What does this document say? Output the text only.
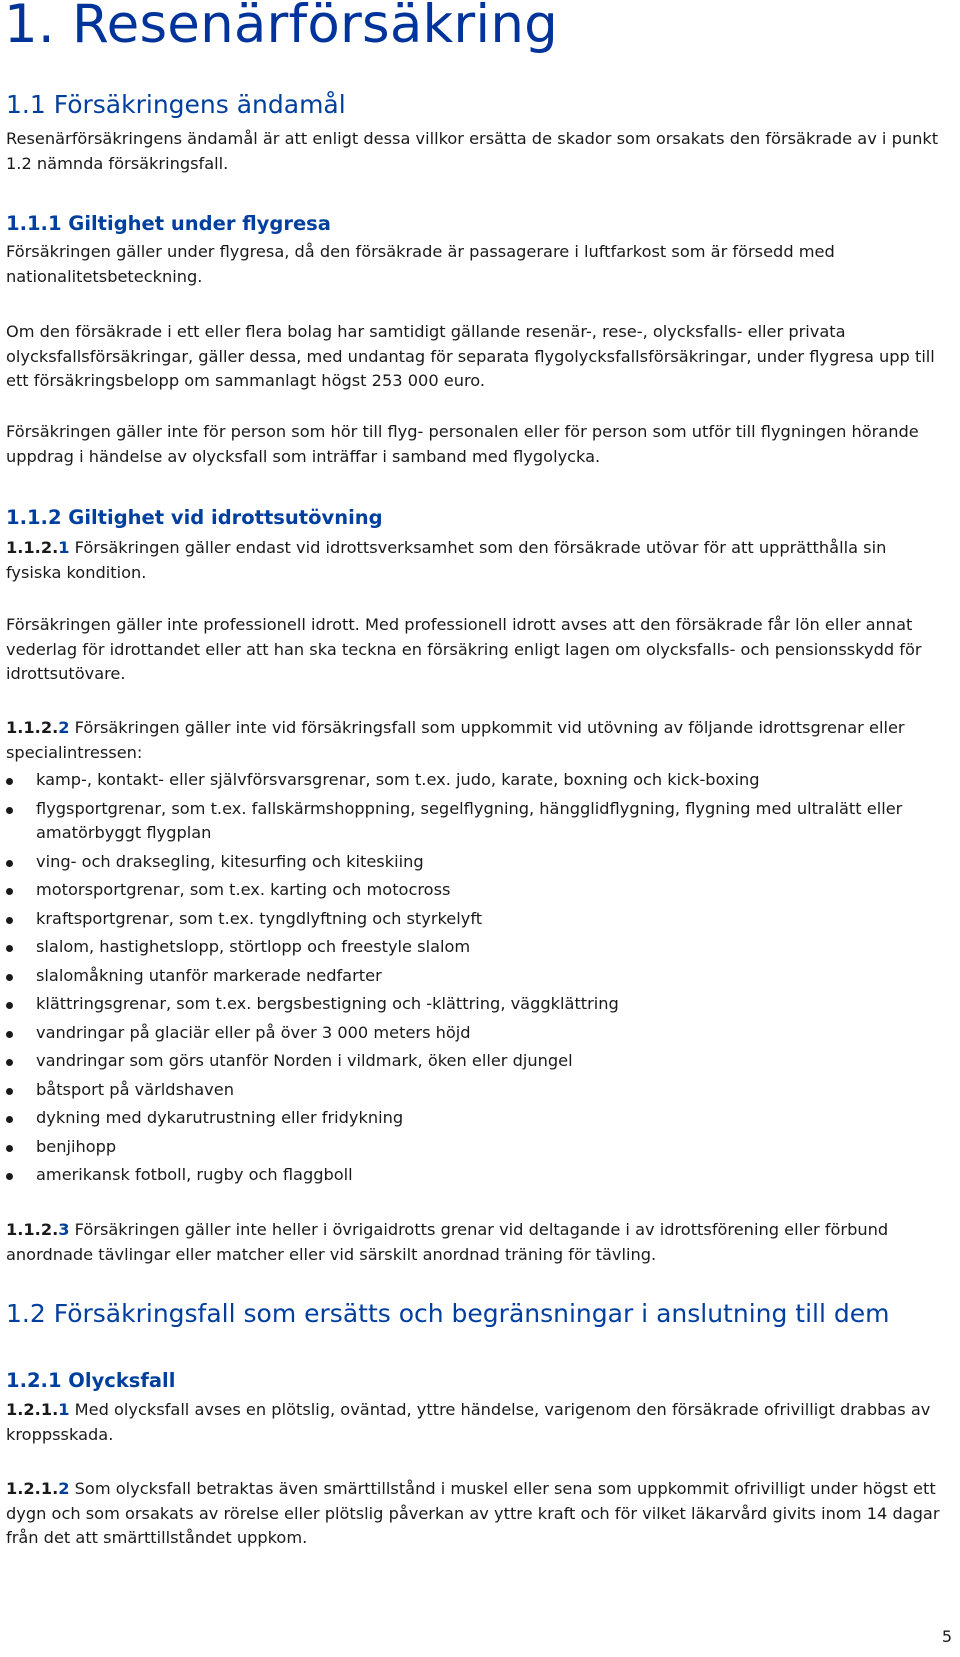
1. Resenärförsäkring
1.1 Försäkringens ändamål

Resenärförsäkringens ändamål är att enligt dessa villkor ersätta de skador som orsakats den försäkrade av i punkt 1.2 nämnda försäkringsfall.

1.1.1 Giltighet under flygresa

Försäkringen gäller under flygresa, då den försäkrade är passagerare i luftfarkost som är försedd med nationalitetsbeteckning.

Om den försäkrade i ett eller flera bolag har samtidigt gällande resenär-, rese-, olycksfalls- eller privata olycksfallsförsäkringar, gäller dessa, med undantag för separata flygolycksfallsförsäkringar, under flygresa upp till ett försäkringsbelopp om sammanlagt högst 253 000 euro.

Försäkringen gäller inte för person som hör till flyg- personalen eller för person som utför till flygningen hörande uppdrag i händelse av olycksfall som inträffar i samband med flygolycka.

1.1.2 Giltighet vid idrottsutövning

1.1.2.1 Försäkringen gäller endast vid idrottsverksamhet som den försäkrade utövar för att upprätthålla sin fysiska kondition.

Försäkringen gäller inte professionell idrott. Med professionell idrott avses att den försäkrade får lön eller annat vederlag för idrottandet eller att han ska teckna en försäkring enligt lagen om olycksfalls- och pensionsskydd för idrottsutövare.

1.1.2.2 Försäkringen gäller inte vid försäkringsfall som uppkommit vid utövning av följande idrottsgrenar eller specialintressen:

kamp-, kontakt- eller självförsvarsgrenar, som t.ex. judo, karate, boxning och kick-boxing
flygsportgrenar, som t.ex. fallskärmshoppning, segelflygning, hängglidflygning, flygning med ultralätt eller amatörbyggt flygplan
ving- och draksegling, kitesurfing och kiteskiing
motorsportgrenar, som t.ex. karting och motocross
kraftsportgrenar, som t.ex. tyngdlyftning och styrkelyft
slalom, hastighetslopp, störtlopp och freestyle slalom
slalomåkning utanför markerade nedfarter
klättringsgrenar, som t.ex. bergsbestigning och -klättring, väggklättring
vandringar på glaciär eller på över 3 000 meters höjd
vandringar som görs utanför Norden i vildmark, öken eller djungel
båtsport på världshaven
dykning med dykarutrustning eller fridykning
benjihopp
amerikansk fotboll, rugby och flaggboll

1.1.2.3 Försäkringen gäller inte heller i övrigaidrotts grenar vid deltagande i av idrottsförening eller förbund anordnade tävlingar eller matcher eller vid särskilt anordnad träning för tävling.

1.2 Försäkringsfall som ersätts och begränsningar i anslutning till dem
1.2.1 Olycksfall

1.2.1.1 Med olycksfall avses en plötslig, oväntad, yttre händelse, varigenom den försäkrade ofrivilligt drabbas av kroppsskada.

1.2.1.2 Som olycksfall betraktas även smärttillstånd i muskel eller sena som uppkommit ofrivilligt under högst ett dygn och som orsakats av rörelse eller plötslig påverkan av yttre kraft och för vilket läkarvård givits inom 14 dagar från det att smärttillståndet uppkom.

5
